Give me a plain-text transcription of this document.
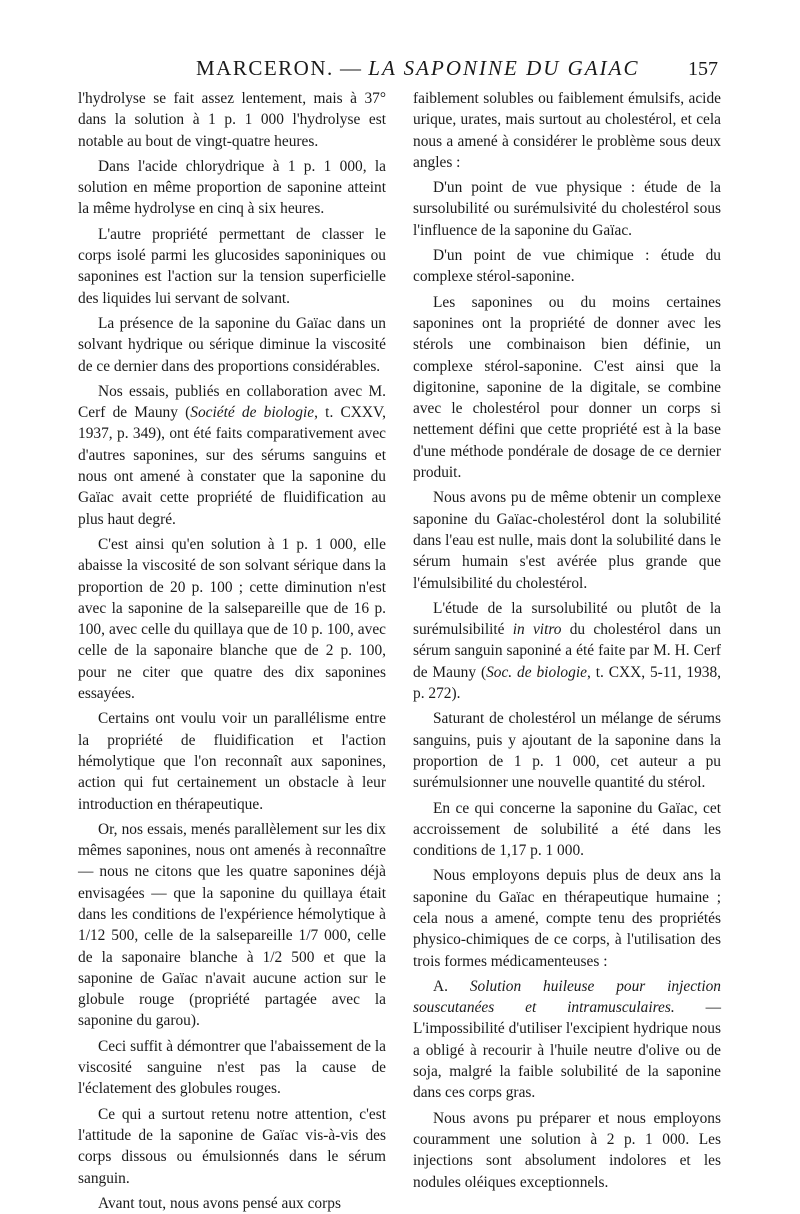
MARCERON. — LA SAPONINE DU GAIAC 157

l'hydrolyse se fait assez lentement, mais à 37° dans la solution à 1 p. 1 000 l'hydrolyse est notable au bout de vingt-quatre heures.

Dans l'acide chlorydrique à 1 p. 1 000, la solution en même proportion de saponine atteint la même hydrolyse en cinq à six heures.

L'autre propriété permettant de classer le corps isolé parmi les glucosides saponiniques ou saponines est l'action sur la tension superficielle des liquides lui servant de solvant.

La présence de la saponine du Gaïac dans un solvant hydrique ou sérique diminue la viscosité de ce dernier dans des proportions considérables.

Nos essais, publiés en collaboration avec M. Cerf de Mauny (Société de biologie, t. CXXV, 1937, p. 349), ont été faits comparativement avec d'autres saponines, sur des sérums sanguins et nous ont amené à constater que la saponine du Gaïac avait cette propriété de fluidification au plus haut degré.

C'est ainsi qu'en solution à 1 p. 1 000, elle abaisse la viscosité de son solvant sérique dans la proportion de 20 p. 100 ; cette diminution n'est avec la saponine de la salsepareille que de 16 p. 100, avec celle du quillaya que de 10 p. 100, avec celle de la saponaire blanche que de 2 p. 100, pour ne citer que quatre des dix saponines essayées.

Certains ont voulu voir un parallélisme entre la propriété de fluidification et l'action hémolytique que l'on reconnaît aux saponines, action qui fut certainement un obstacle à leur introduction en thérapeutique.

Or, nos essais, menés parallèlement sur les dix mêmes saponines, nous ont amenés à reconnaître — nous ne citons que les quatre saponines déjà envisagées — que la saponine du quillaya était dans les conditions de l'expérience hémolytique à 1/12 500, celle de la salsepareille 1/7 000, celle de la saponaire blanche à 1/2 500 et que la saponine de Gaïac n'avait aucune action sur le globule rouge (propriété partagée avec la saponine du garou).

Ceci suffit à démontrer que l'abaissement de la viscosité sanguine n'est pas la cause de l'éclatement des globules rouges.

Ce qui a surtout retenu notre attention, c'est l'attitude de la saponine de Gaïac vis-à-vis des corps dissous ou émulsionnés dans le sérum sanguin.

Avant tout, nous avons pensé aux corps

faiblement solubles ou faiblement émulsifs, acide urique, urates, mais surtout au cholestérol, et cela nous a amené à considérer le problème sous deux angles :

D'un point de vue physique : étude de la sursolubilité ou surémulsivité du cholestérol sous l'influence de la saponine du Gaïac.

D'un point de vue chimique : étude du complexe stérol-saponine.

Les saponines ou du moins certaines saponines ont la propriété de donner avec les stérols une combinaison bien définie, un complexe stérol-saponine. C'est ainsi que la digitonine, saponine de la digitale, se combine avec le cholestérol pour donner un corps si nettement défini que cette propriété est à la base d'une méthode pondérale de dosage de ce dernier produit.

Nous avons pu de même obtenir un complexe saponine du Gaïac-cholestérol dont la solubilité dans l'eau est nulle, mais dont la solubilité dans le sérum humain s'est avérée plus grande que l'émulsibilité du cholestérol.

L'étude de la sursolubilité ou plutôt de la surémulsibilité in vitro du cholestérol dans un sérum sanguin saponiné a été faite par M. H. Cerf de Mauny (Soc. de biologie, t. CXX, 5-11, 1938, p. 272).

Saturant de cholestérol un mélange de sérums sanguins, puis y ajoutant de la saponine dans la proportion de 1 p. 1 000, cet auteur a pu surémulsionner une nouvelle quantité du stérol.

En ce qui concerne la saponine du Gaïac, cet accroissement de solubilité a été dans les conditions de 1,17 p. 1 000.

Nous employons depuis plus de deux ans la saponine du Gaïac en thérapeutique humaine ; cela nous a amené, compte tenu des propriétés physico-chimiques de ce corps, à l'utilisation des trois formes médicamenteuses :

A. Solution huileuse pour injection souscutanées et intramusculaires. — L'impossibilité d'utiliser l'excipient hydrique nous a obligé à recourir à l'huile neutre d'olive ou de soja, malgré la faible solubilité de la saponine dans ces corps gras.

Nous avons pu préparer et nous employons couramment une solution à 2 p. 1 000. Les injections sont absolument indolores et les nodules oléiques exceptionnels.
